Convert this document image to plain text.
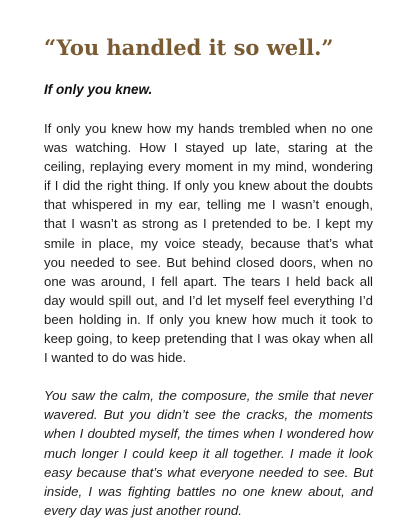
“You handled it so well.”

If only you knew.

If only you knew how my hands trembled when no one was watching. How I stayed up late, staring at the ceiling, replaying every moment in my mind, wondering if I did the right thing. If only you knew about the doubts that whispered in my ear, telling me I wasn’t enough, that I wasn’t as strong as I pretended to be. I kept my smile in place, my voice steady, because that’s what you needed to see. But behind closed doors, when no one was around, I fell apart. The tears I held back all day would spill out, and I’d let myself feel everything I’d been holding in. If only you knew how much it took to keep going, to keep pretending that I was okay when all I wanted to do was hide.

You saw the calm, the composure, the smile that never wavered. But you didn’t see the cracks, the moments when I doubted myself, the times when I wondered how much longer I could keep it all together. I made it look easy because that’s what everyone needed to see. But inside, I was fighting battles no one knew about, and every day was just another round.
